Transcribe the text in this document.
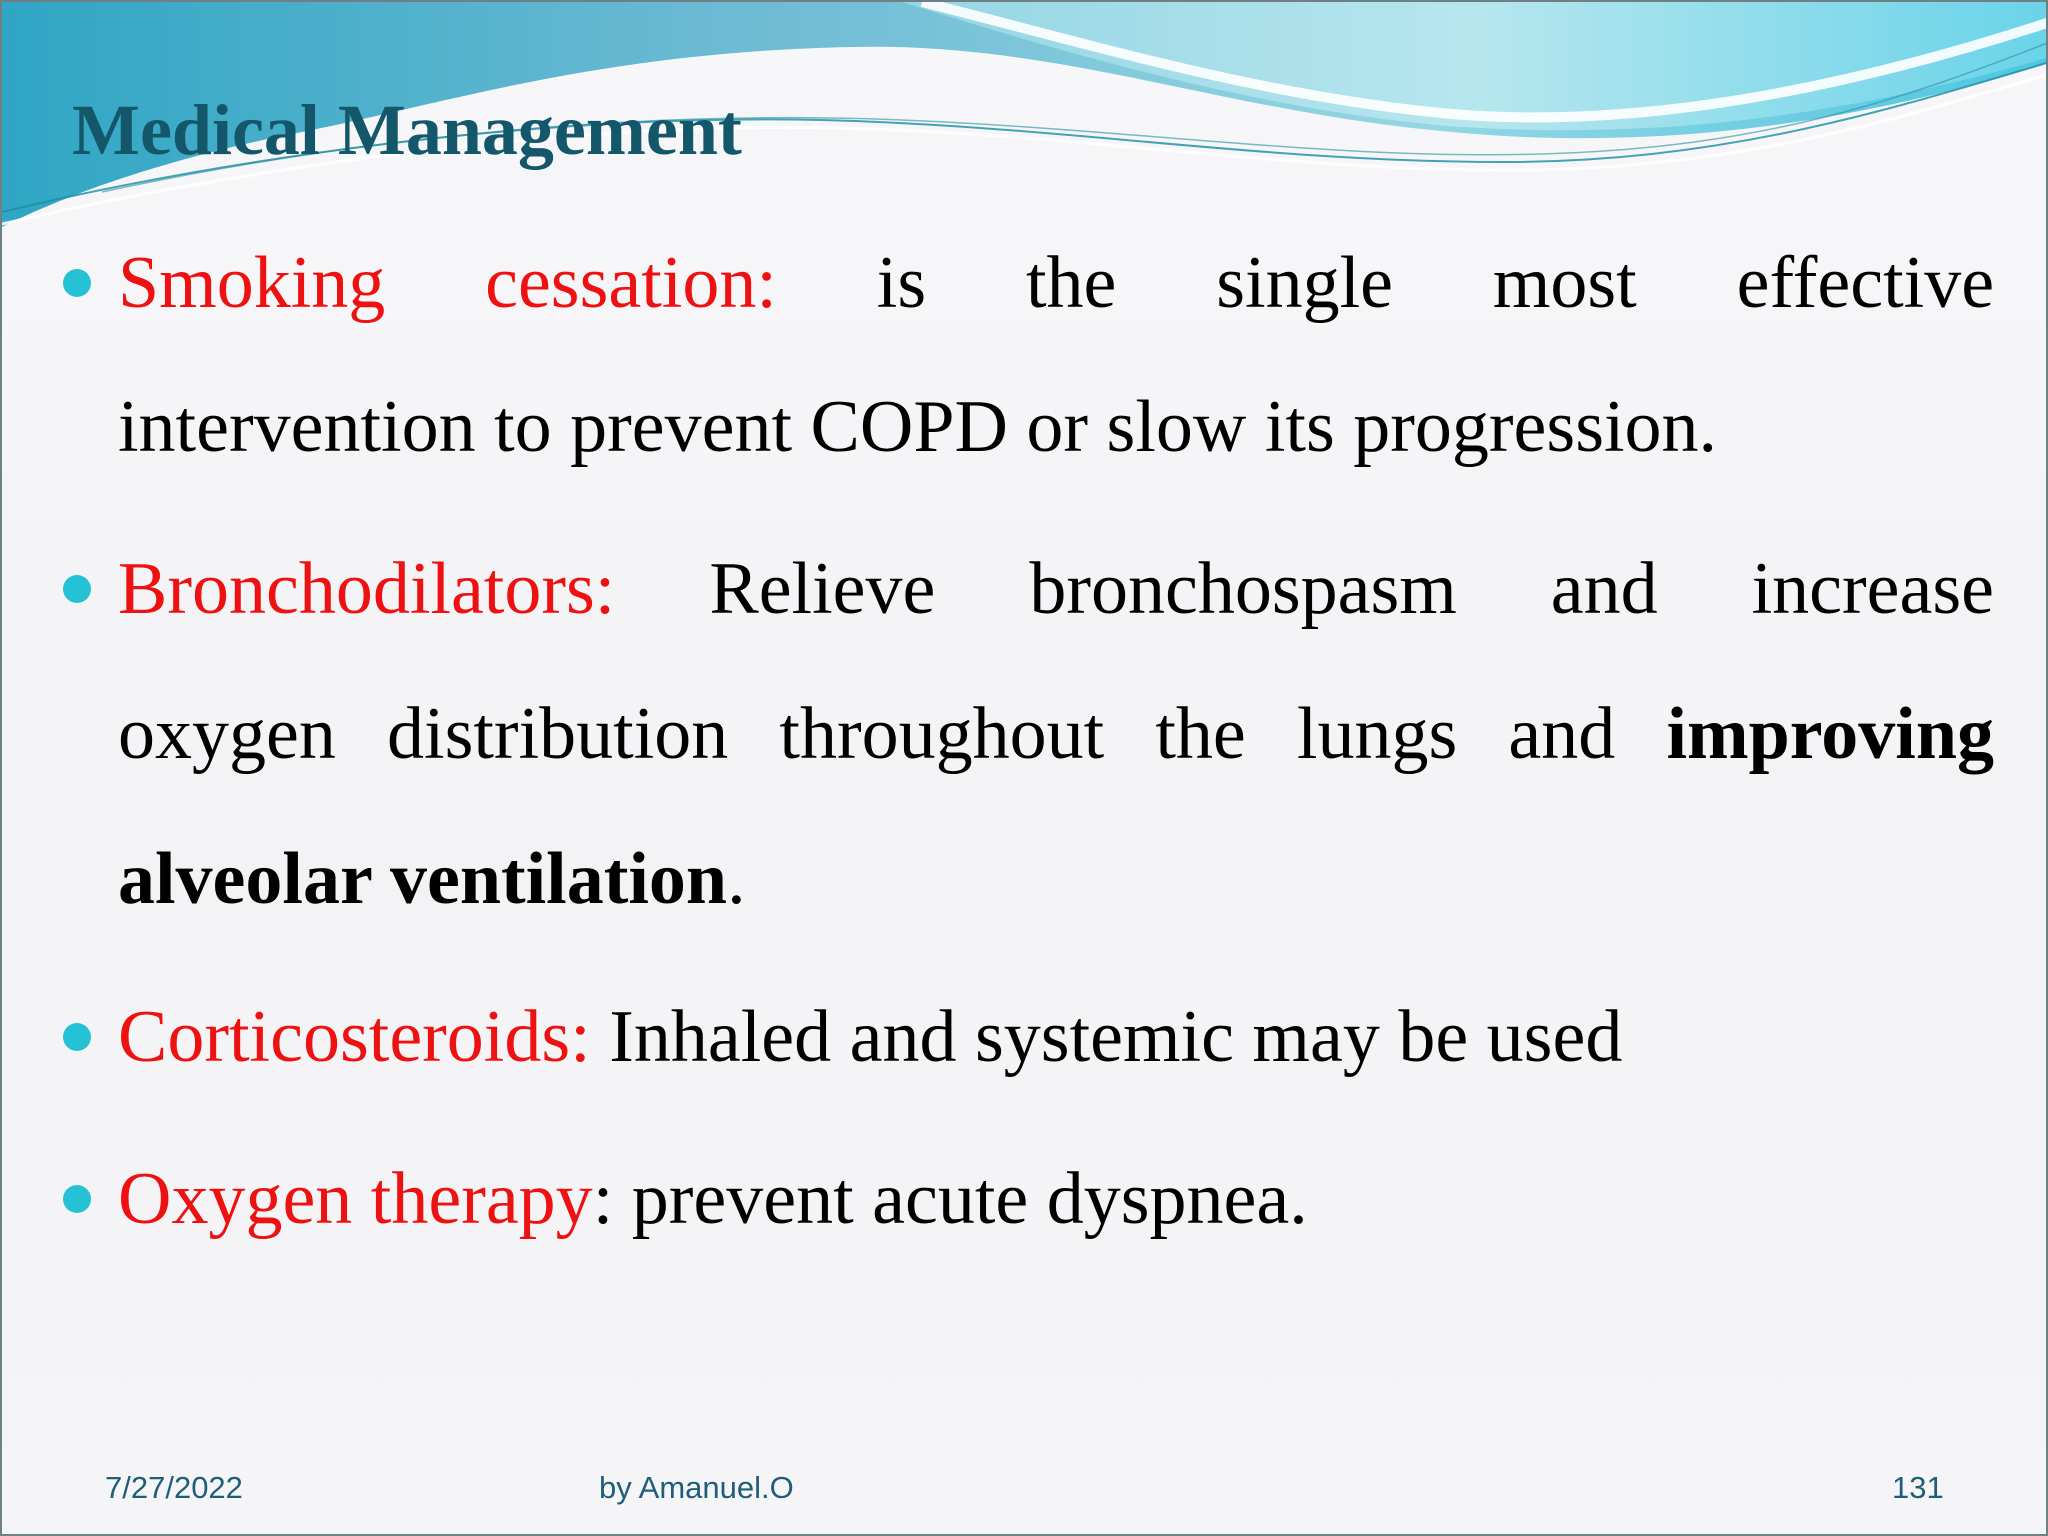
Medical Management
Smoking cessation: is the single most effective
intervention to prevent COPD or slow its progression.
Bronchodilators: Relieve bronchospasm and increase
oxygen distribution throughout the lungs and improving
alveolar ventilation.
Corticosteroids: Inhaled and systemic may be used
Oxygen therapy: prevent acute dyspnea.
7/27/2022	by Amanuel.O	131
